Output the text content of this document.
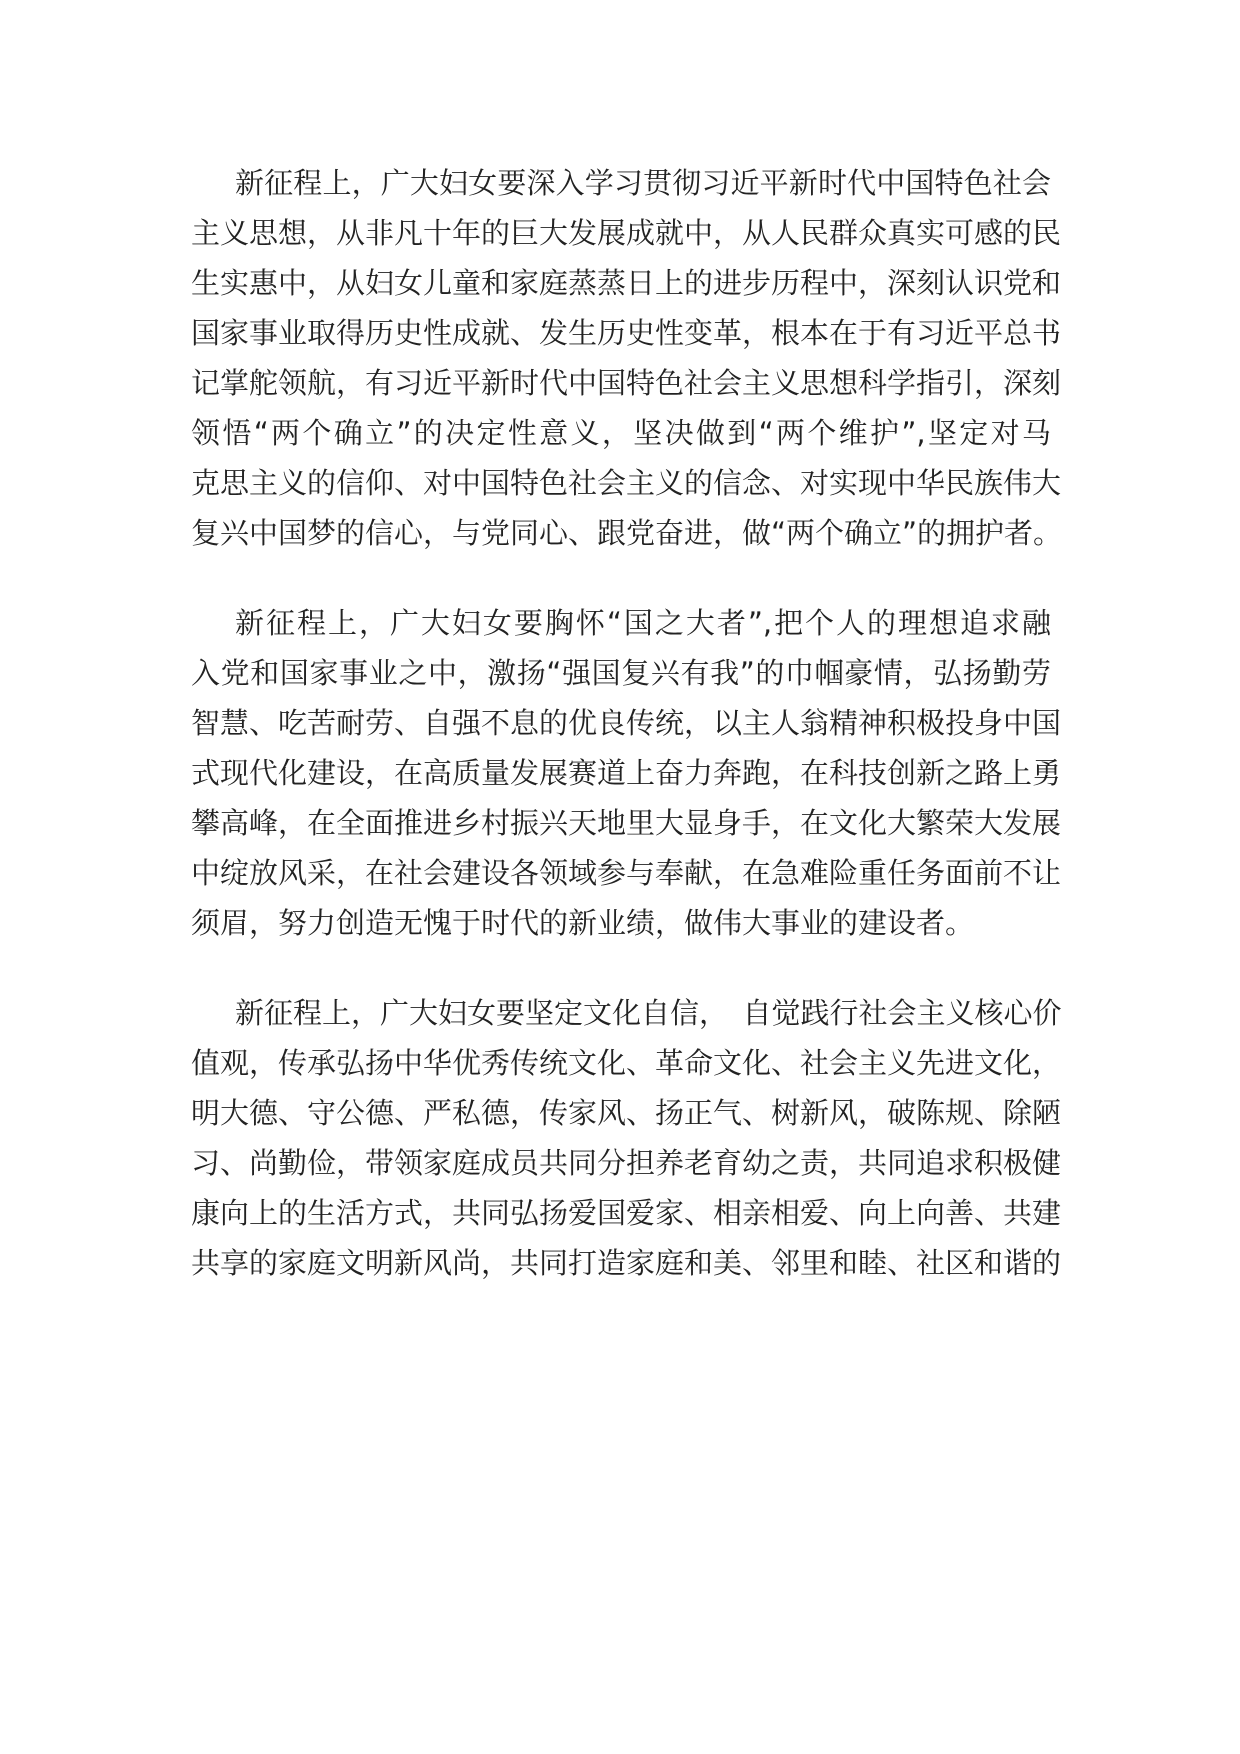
新征程上，广大妇女要深入学习贯彻习近平新时代中国特色社会
主义思想，从非凡十年的巨大发展成就中，从人民群众真实可感的民
生实惠中，从妇女儿童和家庭蒸蒸日上的进步历程中，深刻认识党和
国家事业取得历史性成就、发生历史性变革，根本在于有习近平总书
记掌舵领航，有习近平新时代中国特色社会主义思想科学指引，深刻
领悟“两个确立”的决定性意义，坚决做到“两个维护”,坚定对马
克思主义的信仰、对中国特色社会主义的信念、对实现中华民族伟大
复兴中国梦的信心，与党同心、跟党奋进，做“两个确立”的拥护者。
新征程上，广大妇女要胸怀“国之大者”,把个人的理想追求融
入党和国家事业之中，激扬“强国复兴有我”的巾帼豪情，弘扬勤劳
智慧、吃苦耐劳、自强不息的优良传统，以主人翁精神积极投身中国
式现代化建设，在高质量发展赛道上奋力奔跑，在科技创新之路上勇
攀高峰，在全面推进乡村振兴天地里大显身手，在文化大繁荣大发展
中绽放风采，在社会建设各领域参与奉献，在急难险重任务面前不让
须眉，努力创造无愧于时代的新业绩，做伟大事业的建设者。
新征程上，广大妇女要坚定文化自信，　自觉践行社会主义核心价
值观，传承弘扬中华优秀传统文化、革命文化、社会主义先进文化，
明大德、守公德、严私德，传家风、扬正气、树新风，破陈规、除陋
习、尚勤俭，带领家庭成员共同分担养老育幼之责，共同追求积极健
康向上的生活方式，共同弘扬爱国爱家、相亲相爱、向上向善、共建
共享的家庭文明新风尚，共同打造家庭和美、邻里和睦、社区和谐的
